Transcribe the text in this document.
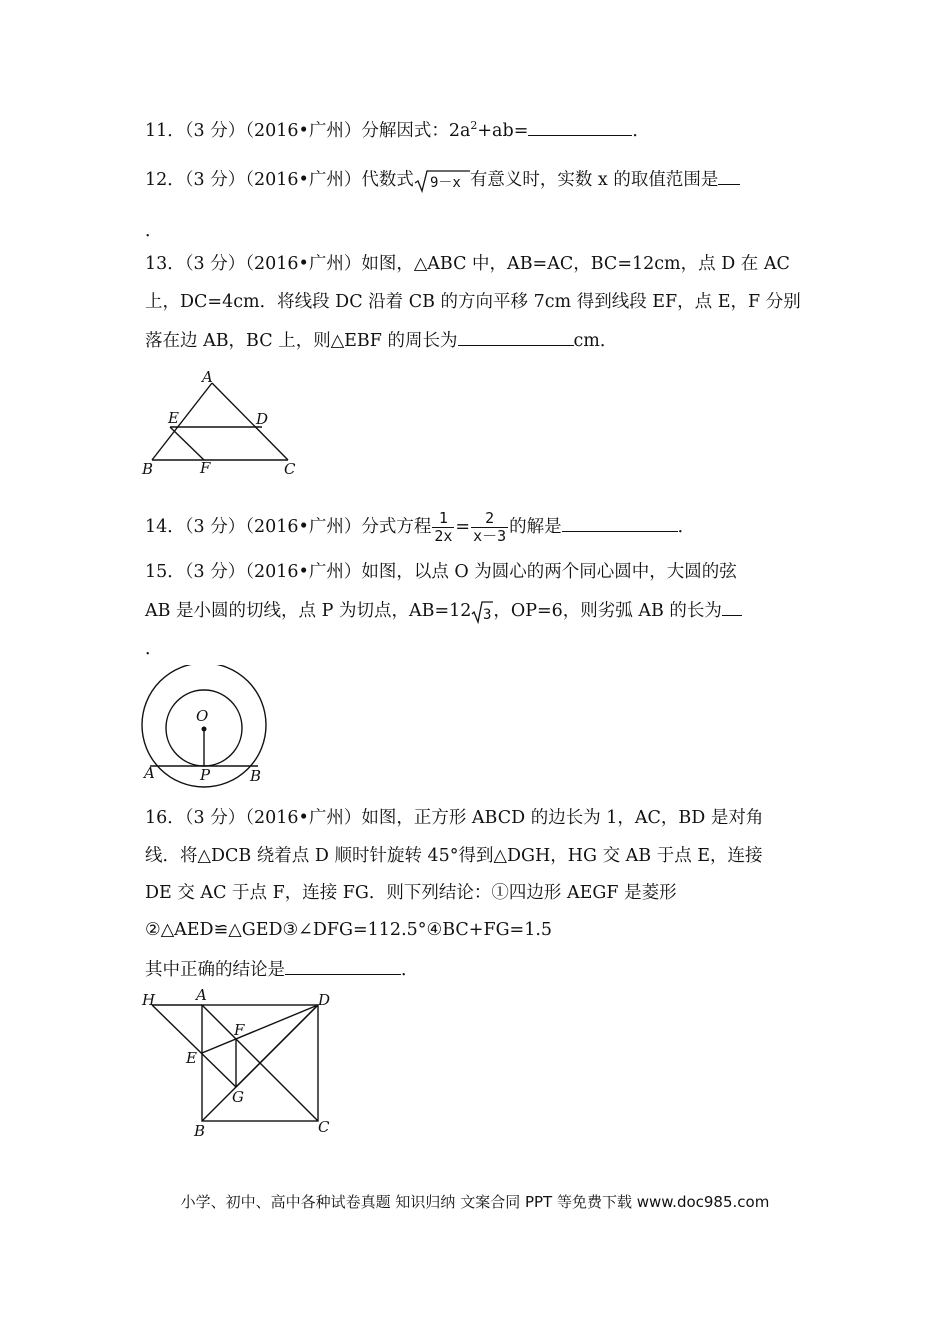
11．（3 分）（2016•广州）分解因式：$2a^2+ab=$	．
12．（3 分）（2016•广州）代数式 9－x 有意义时，实数 x 的取值范围是
．
13．（3 分）（2016•广州）如图，△ABC 中，AB=AC，BC=12cm，点 D 在 AC
上，DC=4cm．将线段 DC 沿着 CB 的方向平移 7cm 得到线段 EF，点 E，F 分别
落在边 AB，BC 上，则△EBF 的周长为	cm．
A
E	D
B	F	C
14．（3 分）（2016•广州）分式方程 $\frac{1}{2x} = \frac{2}{x-3}$ 的解是	．
15．（3 分）（2016•广州）如图，以点 O 为圆心的两个同心圆中，大圆的弦
AB 是小圆的切线，点 P 为切点，AB=12 3 ，OP=6，则劣弧 AB 的长为
．
O
A	P	B
16．（3 分）（2016•广州）如图，正方形 ABCD 的边长为 1，AC，BD 是对角
线．将△DCB 绕着点 D 顺时针旋转 45°得到△DGH，HG 交 AB 于点 E，连接
DE 交 AC 于点 F，连接 FG．则下列结论：①四边形 AEGF 是菱形
②△AED≌△GED③∠DFG=112.5°④BC+FG=1.5
其中正确的结论是	．
H	A	D
F
E
G
B	C
小学、初中、高中各种试卷真题 知识归纳 文案合同 PPT 等免费下载 www.doc985.com
